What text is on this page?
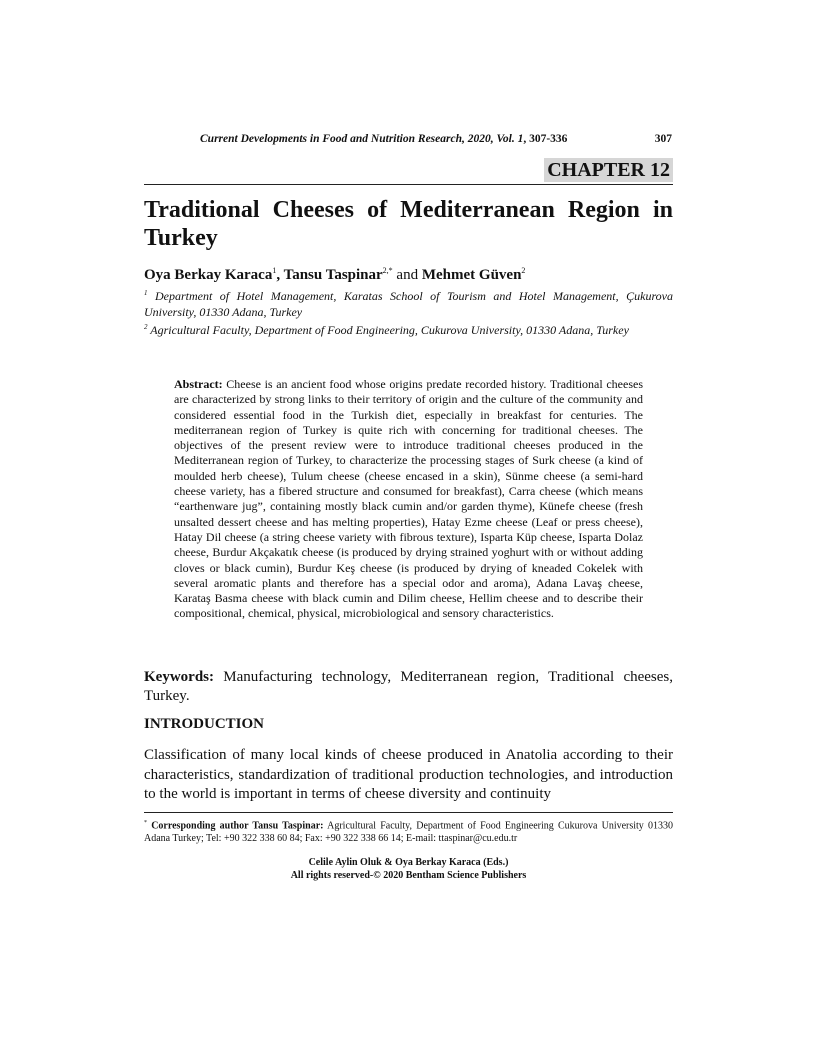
Current Developments in Food and Nutrition Research, 2020, Vol. 1, 307-336	307
CHAPTER 12
Traditional Cheeses of Mediterranean Region in Turkey
Oya Berkay Karaca$^1$, Tansu Taspinar$^{2,*}$ and Mehmet Güven$^2$
$^1$ Department of Hotel Management, Karatas School of Tourism and Hotel Management, Çukurova University, 01330 Adana, Turkey
$^2$ Agricultural Faculty, Department of Food Engineering, Cukurova University, 01330 Adana, Turkey
Abstract: Cheese is an ancient food whose origins predate recorded history. Traditional cheeses are characterized by strong links to their territory of origin and the culture of the community and considered essential food in the Turkish diet, especially in breakfast for centuries. The mediterranean region of Turkey is quite rich with concerning for traditional cheeses. The objectives of the present review were to introduce traditional cheeses produced in the Mediterranean region of Turkey, to characterize the processing stages of Surk cheese (a kind of moulded herb cheese), Tulum cheese (cheese encased in a skin), Sünme cheese (a semi-hard cheese variety, has a fibered structure and consumed for breakfast), Carra cheese (which means “earthenware jug”, containing mostly black cumin and/or garden thyme), Künefe cheese (fresh unsalted dessert cheese and has melting properties), Hatay Ezme cheese (Leaf or press cheese), Hatay Dil cheese (a string cheese variety with fibrous texture), Isparta Küp cheese, Isparta Dolaz cheese, Burdur Akçakatık cheese (is produced by drying strained yoghurt with or without adding cloves or black cumin), Burdur Keş cheese (is produced by drying of kneaded Cokelek with several aromatic plants and therefore has a special odor and aroma), Adana Lavaş cheese, Karataş Basma cheese with black cumin and Dilim cheese, Hellim cheese and to describe their compositional, chemical, physical, microbiological and sensory characteristics.
Keywords: Manufacturing technology, Mediterranean region, Traditional cheeses, Turkey.
INTRODUCTION
Classification of many local kinds of cheese produced in Anatolia according to their characteristics, standardization of traditional production technologies, and introduction to the world is important in terms of cheese diversity and continuity
* Corresponding author Tansu Taspinar: Agricultural Faculty, Department of Food Engineering Cukurova University 01330 Adana Turkey; Tel: +90 322 338 60 84; Fax: +90 322 338 66 14; E-mail: ttaspinar@cu.edu.tr
Celile Aylin Oluk & Oya Berkay Karaca (Eds.)
All rights reserved-© 2020 Bentham Science Publishers
